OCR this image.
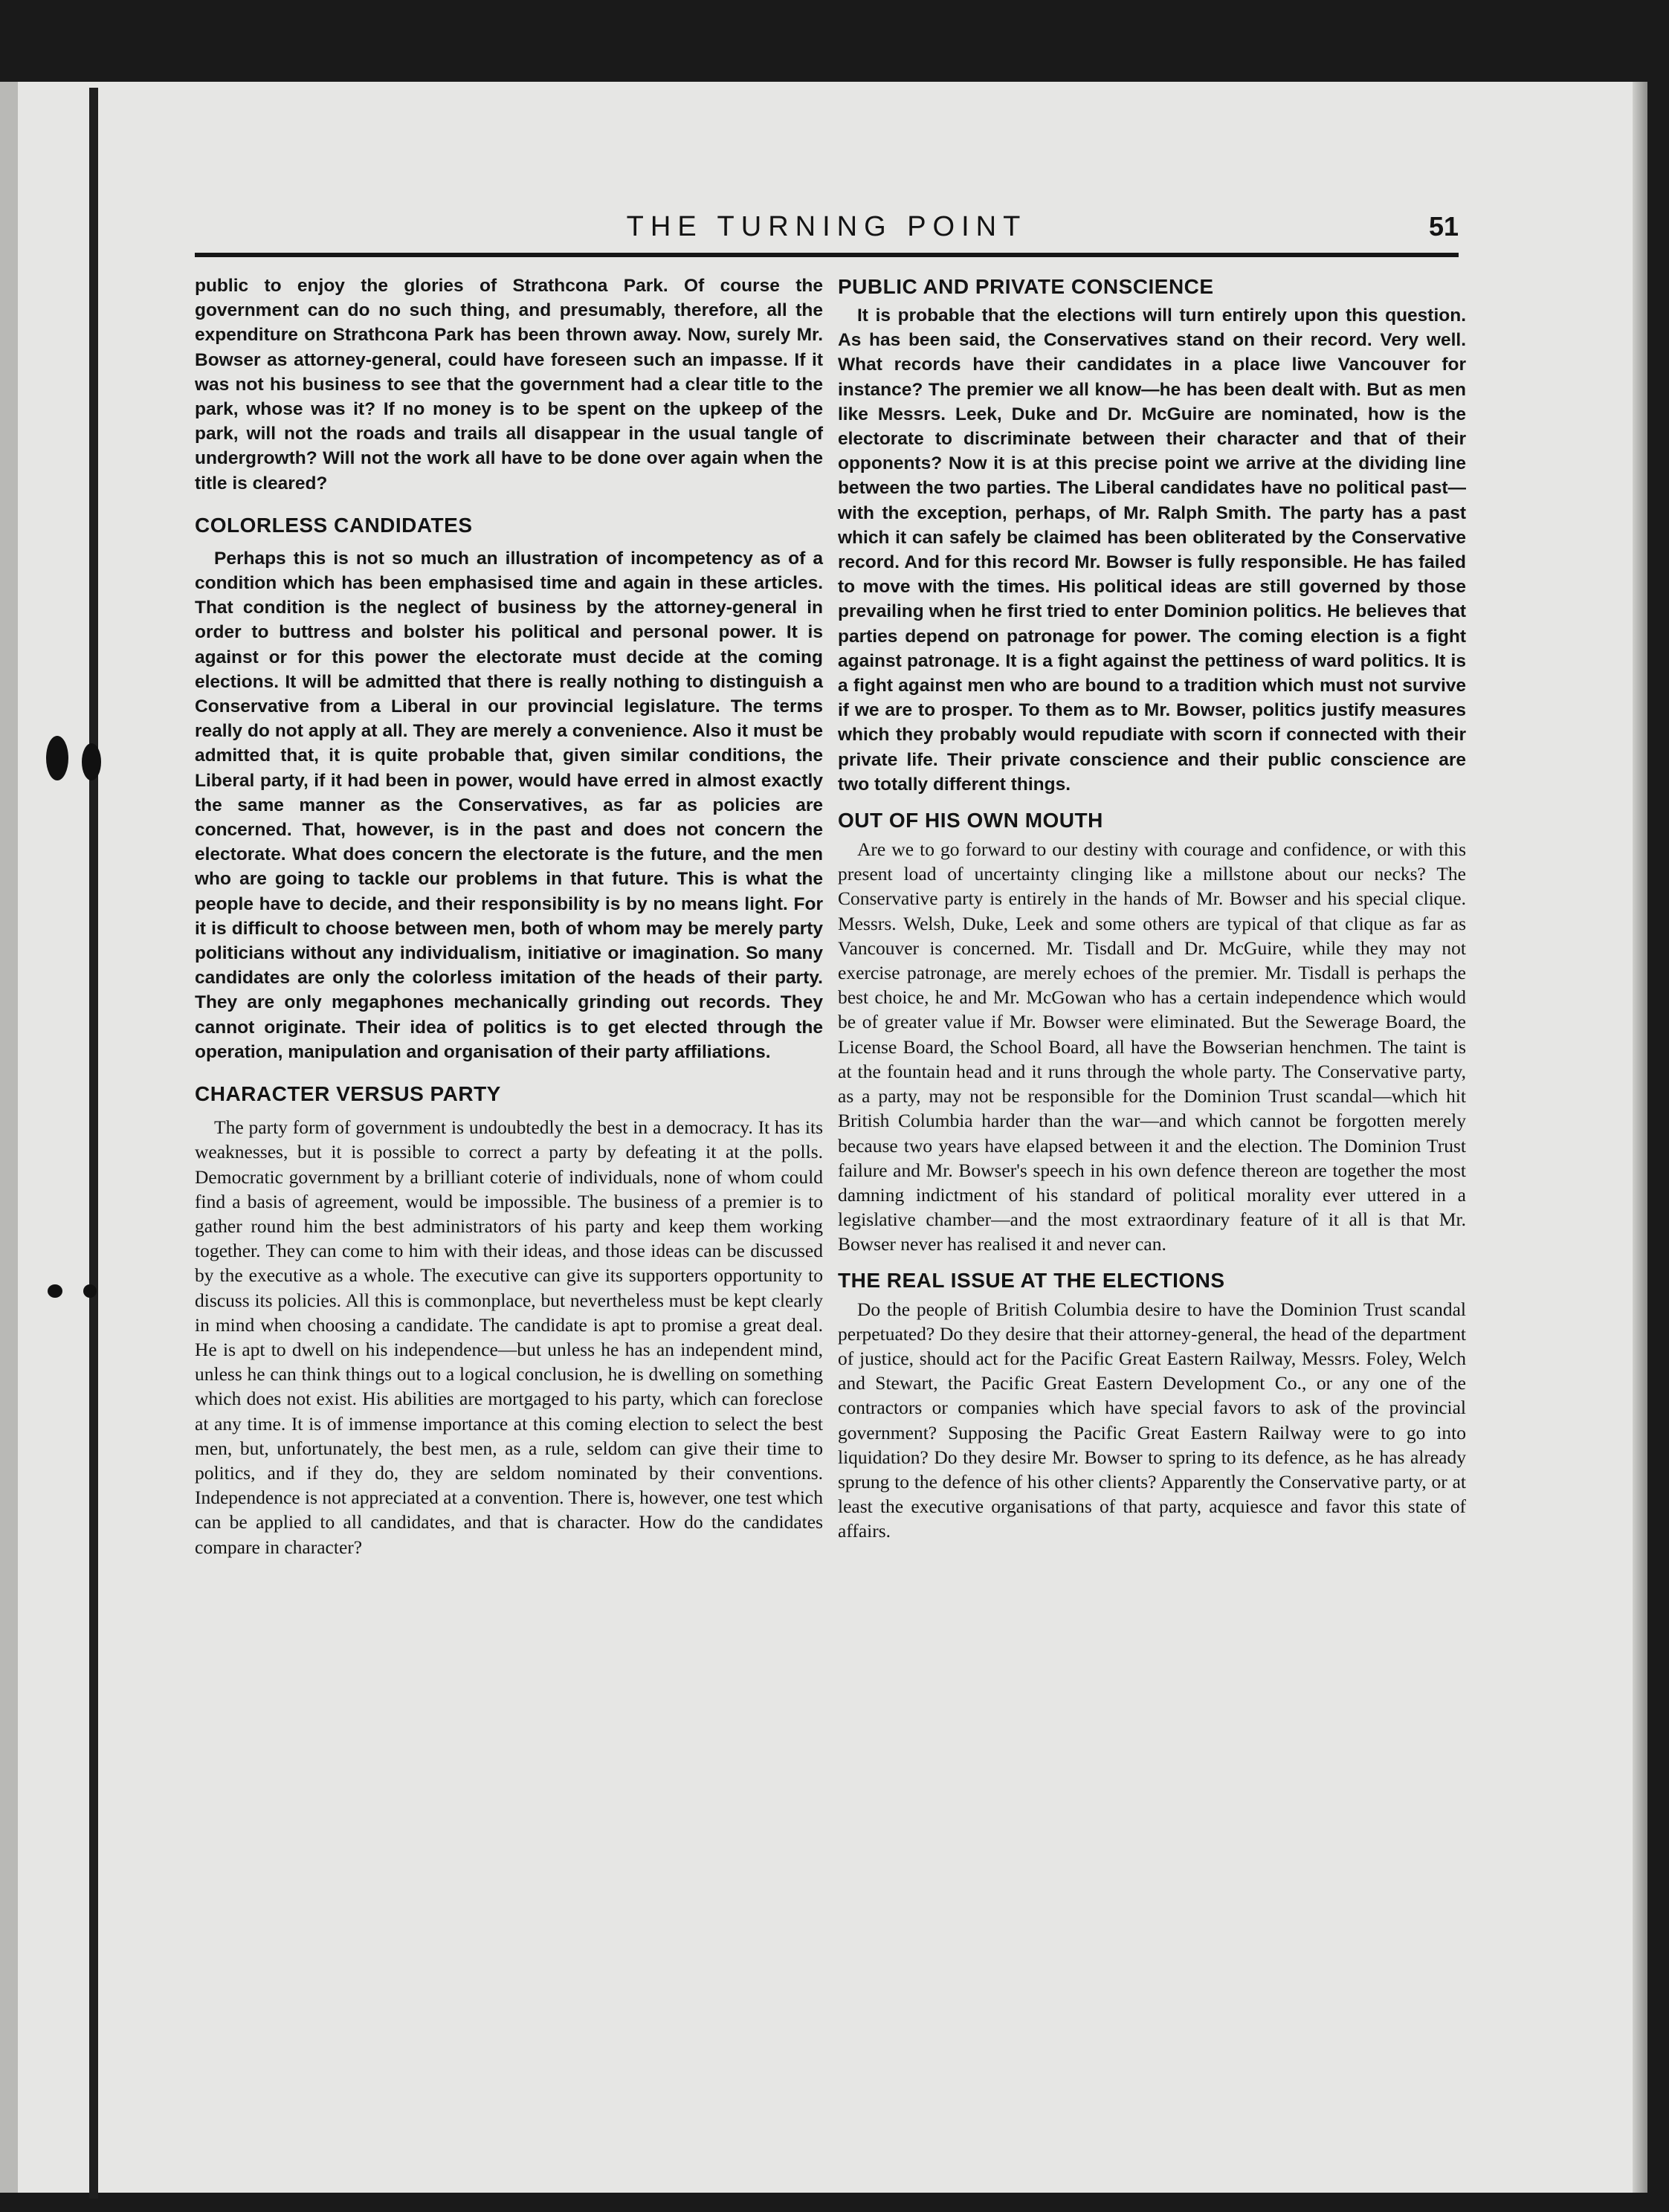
THE TURNING POINT	51

public to enjoy the glories of Strathcona Park. Of course the government can do no such thing, and presumably, therefore, all the expenditure on Strathcona Park has been thrown away. Now, surely Mr. Bowser as attorney-general, could have foreseen such an impasse. If it was not his business to see that the government had a clear title to the park, whose was it? If no money is to be spent on the upkeep of the park, will not the roads and trails all disappear in the usual tangle of undergrowth? Will not the work all have to be done over again when the title is cleared?

COLORLESS CANDIDATES

Perhaps this is not so much an illustration of incompetency as of a condition which has been emphasised time and again in these articles. That condition is the neglect of business by the attorney-general in order to buttress and bolster his political and personal power. It is against or for this power the electorate must decide at the coming elections. It will be admitted that there is really nothing to distinguish a Conservative from a Liberal in our provincial legislature. The terms really do not apply at all. They are merely a convenience. Also it must be admitted that, it is quite probable that, given similar conditions, the Liberal party, if it had been in power, would have erred in almost exactly the same manner as the Conservatives, as far as policies are concerned. That, however, is in the past and does not concern the electorate. What does concern the electorate is the future, and the men who are going to tackle our problems in that future. This is what the people have to decide, and their responsibility is by no means light. For it is difficult to choose between men, both of whom may be merely party politicians without any individualism, initiative or imagination. So many candidates are only the colorless imitation of the heads of their party. They are only megaphones mechanically grinding out records. They cannot originate. Their idea of politics is to get elected through the operation, manipulation and organisation of their party affiliations.

CHARACTER VERSUS PARTY

The party form of government is undoubtedly the best in a democracy. It has its weaknesses, but it is possible to correct a party by defeating it at the polls. Democratic government by a brilliant coterie of individuals, none of whom could find a basis of agreement, would be impossible. The business of a premier is to gather round him the best administrators of his party and keep them working together. They can come to him with their ideas, and those ideas can be discussed by the executive as a whole. The executive can give its supporters opportunity to discuss its policies. All this is commonplace, but nevertheless must be kept clearly in mind when choosing a candidate. The candidate is apt to promise a great deal. He is apt to dwell on his independence—but unless he has an independent mind, unless he can think things out to a logical conclusion, he is dwelling on something which does not exist. His abilities are mortgaged to his party, which can foreclose at any time. It is of immense importance at this coming election to select the best men, but, unfortunately, the best men, as a rule, seldom can give their time to politics, and if they do, they are seldom nominated by their conventions. Independence is not appreciated at a convention. There is, however, one test which can be applied to all candidates, and that is character. How do the candidates compare in character?

PUBLIC AND PRIVATE CONSCIENCE

It is probable that the elections will turn entirely upon this question. As has been said, the Conservatives stand on their record. Very well. What records have their candidates in a place liwe Vancouver for instance? The premier we all know—he has been dealt with. But as men like Messrs. Leek, Duke and Dr. McGuire are nominated, how is the electorate to discriminate between their character and that of their opponents? Now it is at this precise point we arrive at the dividing line between the two parties. The Liberal candidates have no political past—with the exception, perhaps, of Mr. Ralph Smith. The party has a past which it can safely be claimed has been obliterated by the Conservative record. And for this record Mr. Bowser is fully responsible. He has failed to move with the times. His political ideas are still governed by those prevailing when he first tried to enter Dominion politics. He believes that parties depend on patronage for power. The coming election is a fight against patronage. It is a fight against the pettiness of ward politics. It is a fight against men who are bound to a tradition which must not survive if we are to prosper. To them as to Mr. Bowser, politics justify measures which they probably would repudiate with scorn if connected with their private life. Their private conscience and their public conscience are two totally different things.

OUT OF HIS OWN MOUTH

Are we to go forward to our destiny with courage and confidence, or with this present load of uncertainty clinging like a millstone about our necks? The Conservative party is entirely in the hands of Mr. Bowser and his special clique. Messrs. Welsh, Duke, Leek and some others are typical of that clique as far as Vancouver is concerned. Mr. Tisdall and Dr. McGuire, while they may not exercise patronage, are merely echoes of the premier. Mr. Tisdall is perhaps the best choice, he and Mr. McGowan who has a certain independence which would be of greater value if Mr. Bowser were eliminated. But the Sewerage Board, the License Board, the School Board, all have the Bowserian henchmen. The taint is at the fountain head and it runs through the whole party. The Conservative party, as a party, may not be responsible for the Dominion Trust scandal—which hit British Columbia harder than the war—and which cannot be forgotten merely because two years have elapsed between it and the election. The Dominion Trust failure and Mr. Bowser's speech in his own defence thereon are together the most damning indictment of his standard of political morality ever uttered in a legislative chamber—and the most extraordinary feature of it all is that Mr. Bowser never has realised it and never can.

THE REAL ISSUE AT THE ELECTIONS

Do the people of British Columbia desire to have the Dominion Trust scandal perpetuated? Do they desire that their attorney-general, the head of the department of justice, should act for the Pacific Great Eastern Railway, Messrs. Foley, Welch and Stewart, the Pacific Great Eastern Development Co., or any one of the contractors or companies which have special favors to ask of the provincial government? Supposing the Pacific Great Eastern Railway were to go into liquidation? Do they desire Mr. Bowser to spring to its defence, as he has already sprung to the defence of his other clients? Apparently the Conservative party, or at least the executive organisations of that party, acquiesce and favor this state of affairs.
